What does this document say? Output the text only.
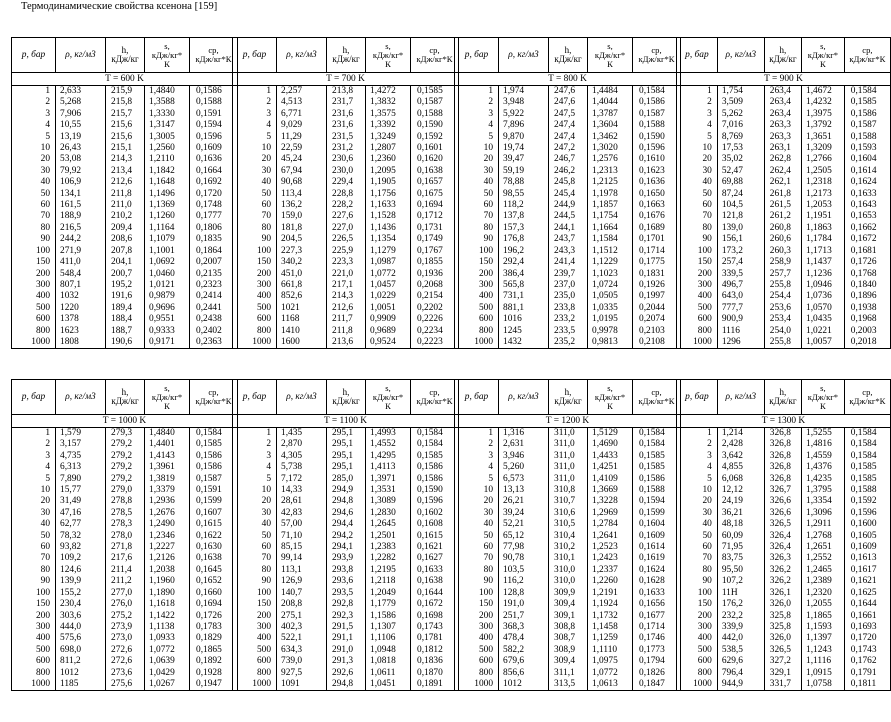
Термодинамические свойства ксенона [159]
p, бар	ρ, кг/м3	h,
кДж/кг	s,
кДж/кг*
К	cp,
кДж/кг*К
T = 600 K				
1	2,633	215,9	1,4840	0,1586
2	5,268	215,8	1,3588	0,1588
3	7,906	215,7	1,3330	0,1591
4	10,55	215,6	1,3147	0,1594
5	13,19	215,6	1,3005	0,1596
10	26,43	215,1	1,2560	0,1609
20	53,08	214,3	1,2110	0,1636
30	79,92	213,4	1,1842	0,1664
40	106,9	212,6	1,1648	0,1692
50	134,1	211,8	1,1496	0,1720
60	161,5	211,0	1,1369	0,1748
70	188,9	210,2	1,1260	0,1777
80	216,5	209,4	1,1164	0,1806
90	244,2	208,6	1,1079	0,1835
100	271,9	207,8	1,1001	0,1864
150	411,0	204,1	1,0692	0,2007
200	548,4	200,7	1,0460	0,2135
300	807,1	195,2	1,0121	0,2323
400	1032	191,6	0,9879	0,2414
500	1220	189,4	0,9696	0,2441
600	1378	188,4	0,9551	0,2438
800	1623	188,7	0,9333	0,2402
1000	1808	190,6	0,9171	0,2363
p, бар	ρ, кг/м3	h,
кДж/кг	s,
кДж/кг*
К	cp,
кДж/кг*К
T = 700 K				
1	2,257	213,8	1,4272	0,1585
2	4,513	231,7	1,3832	0,1587
3	6,771	231,6	1,3575	0,1588
4	9,029	231,6	1,3392	0,1590
5	11,29	231,5	1,3249	0,1592
10	22,59	231,2	1,2807	0,1601
20	45,24	230,6	1,2360	0,1620
30	67,94	230,0	1,2095	0,1638
40	90,68	229,4	1,1905	0,1657
50	113,4	228,8	1,1756	0,1675
60	136,2	228,2	1,1633	0,1694
70	159,0	227,6	1,1528	0,1712
80	181,8	227,0	1,1436	0,1731
90	204,5	226,5	1,1354	0,1749
100	227,3	225,9	1,1279	0,1767
150	340,2	223,3	1,0987	0,1855
200	451,0	221,0	1,0772	0,1936
300	661,8	217,1	1,0457	0,2068
400	852,6	214,3	1,0229	0,2154
500	1021	212,6	1,0051	0,2202
600	1168	211,7	0,9909	0,2226
800	1410	211,8	0,9689	0,2234
1000	1600	213,6	0,9524	0,2223
p, бар	ρ, кг/м3	h,
кДж/кг	s,
кДж/кг*
К	cp,
кДж/кг*К
T = 800 K				
1	1,974	247,6	1,4484	0,1584
2	3,948	247,6	1,4044	0,1586
3	5,922	247,5	1,3787	0,1587
4	7,896	247,4	1,3604	0,1588
5	9,870	247,4	1,3462	0,1590
10	19,74	247,2	1,3020	0,1596
20	39,47	246,7	1,2576	0,1610
30	59,19	246,2	1,2313	0,1623
40	78,88	245,8	1,2125	0,1636
50	98,55	245,4	1,1978	0,1650
60	118,2	244,9	1,1857	0,1663
70	137,8	244,5	1,1754	0,1676
80	157,3	244,1	1,1664	0,1689
90	176,8	243,7	1,1584	0,1701
100	196,2	243,3	1,1512	0,1714
150	292,4	241,4	1,1229	0,1775
200	386,4	239,7	1,1023	0,1831
300	565,8	237,0	1,0724	0,1926
400	731,1	235,0	1,0505	0,1997
500	881,1	233,8	1,0335	0,2044
600	1016	233,2	1,0195	0,2074
800	1245	233,5	0,9978	0,2103
1000	1432	235,2	0,9813	0,2108
p, бар	ρ, кг/м3	h,
кДж/кг	s,
кДж/кг*
К	cp,
кДж/кг*К
T = 900 K				
1	1,754	263,4	1,4672	0,1584
2	3,509	263,4	1,4232	0,1585
3	5,262	263,4	1,3975	0,1586
4	7,016	263,3	1,3792	0,1587
5	8,769	263,3	1,3651	0,1588
10	17,53	263,1	1,3209	0,1593
20	35,02	262,8	1,2766	0,1604
30	52,47	262,4	1,2505	0,1614
40	69,88	262,1	1,2318	0,1624
50	87,24	261,8	1,2173	0,1633
60	104,5	261,5	1,2053	0,1643
70	121,8	261,2	1,1951	0,1653
80	139,0	260,8	1,1863	0,1662
90	156,1	260,6	1,1784	0,1672
100	173,2	260,3	1,1713	0,1681
150	257,4	258,9	1,1437	0,1726
200	339,5	257,7	1,1236	0,1768
300	496,7	255,8	1,0946	0,1840
400	643,0	254,4	1,0736	0,1896
500	777,7	253,6	1,0570	0,1938
600	900,9	253,4	1,0435	0,1968
800	1116	254,0	1,0221	0,2003
1000	1296	255,8	1,0057	0,2018
p, бар	ρ, кг/м3	h,
кДж/кг	s,
кДж/кг*
К	cp,
кДж/кг*К
T = 1000 K				
1	1,579	279,3	1,4840	0,1584
2	3,157	279,2	1,4401	0,1585
3	4,735	279,2	1,4143	0,1586
4	6,313	279,2	1,3961	0,1586
5	7,890	279,2	1,3819	0,1587
10	15,77	279,0	1,3379	0,1591
20	31,49	278,8	1,2936	0,1599
30	47,16	278,5	1,2676	0,1607
40	62,77	278,3	1,2490	0,1615
50	78,32	278,0	1,2346	0,1622
60	93,82	271,8	1,2227	0,1630
70	109,2	217,6	1,2126	0,1638
80	124,6	211,4	1,2038	0,1645
90	139,9	211,2	1,1960	0,1652
100	155,2	277,0	1,1890	0,1660
150	230,4	276,0	1,1618	0,1694
200	303,6	275,2	1,1422	0,1726
300	444,0	273,9	1,1138	0,1783
400	575,6	273,0	1,0933	0,1829
500	698,0	272,6	1,0772	0,1865
600	811,2	272,6	1,0639	0,1892
800	1012	273,6	1,0429	0,1928
1000	1185	275,6	1,0267	0,1947
p, бар	ρ, кг/м3	h,
кДж/кг	s,
кДж/кг*
К	cp,
кДж/кг*К
T = 1100 K				
1	1,435	295,1	1,4993	0,1584
2	2,870	295,1	1,4552	0,1584
3	4,305	295,1	1,4295	0,1585
4	5,738	295,1	1,4113	0,1586
5	7,172	285,0	1,3971	0,1586
10	14,33	294,9	1,3531	0,1590
20	28,61	294,8	1,3089	0,1596
30	42,83	294,6	1,2830	0,1602
40	57,00	294,4	1,2645	0,1608
50	71,10	294,2	1,2501	0,1615
60	85,15	294,1	1,2383	0,1621
70	99,14	293,9	1,2282	0,1627
80	113,1	293,8	1,2195	0,1633
90	126,9	293,6	1,2118	0,1638
100	140,7	293,5	1,2049	0,1644
150	208,8	292,8	1,1779	0,1672
200	275,1	292,3	1,1586	0,1698
300	402,3	291,5	1,1307	0,1743
400	522,1	291,1	1,1106	0,1781
500	634,3	291,0	1,0948	0,1812
600	739,0	291,3	1,0818	0,1836
800	927,5	292,6	1,0611	0,1870
1000	1091	294,8	1,0451	0,1891
p, бар	ρ, кг/м3	h,
кДж/кг	s,
кДж/кг*
К	cp,
кДж/кг*К
T = 1200 K				
1	1,316	311,0	1,5129	0,1584
2	2,631	311,0	1,4690	0,1584
3	3,946	311,0	1,4433	0,1585
4	5,260	311,0	1,4251	0,1585
5	6,573	311,0	1,4109	0,1586
10	13,13	310,8	1,3669	0,1588
20	26,21	310,7	1,3228	0,1594
30	39,24	310,6	1,2969	0,1599
40	52,21	310,5	1,2784	0,1604
50	65,12	310,4	1,2641	0,1609
60	77,98	310,2	1,2523	0,1614
70	90,78	310,1	1,2423	0,1619
80	103,5	310,0	1,2337	0,1624
90	116,2	310,0	1,2260	0,1628
100	128,8	309,9	1,2191	0,1633
150	191,0	309,4	1,1924	0,1656
200	251,7	309,1	1,1732	0,1677
300	368,3	308,8	1,1458	0,1714
400	478,4	308,7	1,1259	0,1746
500	582,2	308,9	1,1110	0,1773
600	679,6	309,4	1,0975	0,1794
800	856,6	311,1	1,0772	0,1826
1000	1012	313,5	1,0613	0,1847
p, бар	ρ, кг/м3	h,
кДж/кг	s,
кДж/кг*
К	cp,
кДж/кг*К
T = 1300 K				
1	1,214	326,8	1,5255	0,1584
2	2,428	326,8	1,4816	0,1584
3	3,642	326,8	1,4559	0,1584
4	4,855	326,8	1,4376	0,1585
5	6,068	326,8	1,4235	0,1585
10	12,12	326,7	1,3795	0,1588
20	24,19	326,6	1,3354	0,1592
30	36,21	326,6	1,3096	0,1596
40	48,18	326,5	1,2911	0,1600
50	60,09	326,4	1,2768	0,1605
60	71,95	326,4	1,2651	0,1609
70	83,75	326,3	1,2552	0,1613
80	95,50	326,2	1,2465	0,1617
90	107,2	326,2	1,2389	0,1621
100	11Н	326,1	1,2320	0,1625
150	176,2	326,0	1,2055	0,1644
200	232,2	325,8	1,1865	0,1661
300	339,9	325,8	1,1593	0,1693
400	442,0	326,0	1,1397	0,1720
500	538,5	326,5	1,1243	0,1743
600	629,6	327,2	1,1116	0,1762
800	796,4	329,1	1,0915	0,1791
1000	944,9	331,7	1,0758	0,1811
